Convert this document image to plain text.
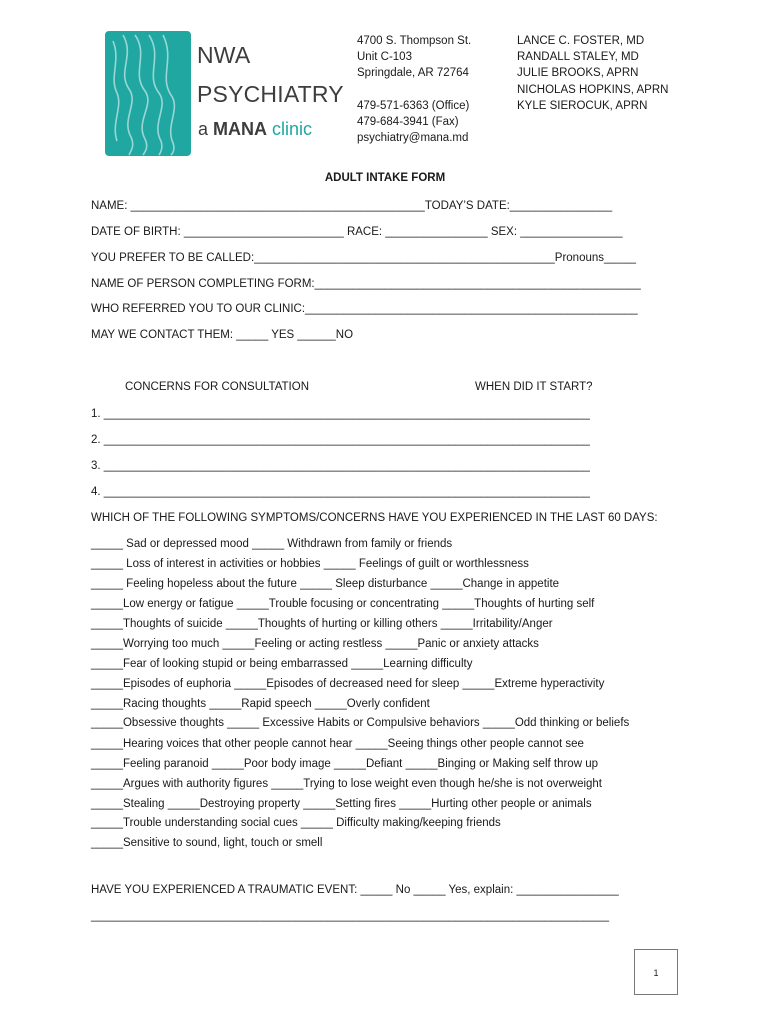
NWA
PSYCHIATRY
a MANA clinic
4700 S. Thompson St.
Unit C-103
Springdale, AR 72764
479-571-6363 (Office)
479-684-3941 (Fax)
psychiatry@mana.md
LANCE C. FOSTER, MD
RANDALL STALEY, MD
JULIE BROOKS, APRN
NICHOLAS HOPKINS, APRN
KYLE SIEROCUK, APRN
ADULT INTAKE FORM
NAME: ______________________________________________TODAY’S DATE:________________
DATE OF BIRTH: _________________________ RACE: ________________ SEX: ________________
YOU PREFER TO BE CALLED:_______________________________________________Pronouns_____
NAME OF PERSON COMPLETING FORM:___________________________________________________
WHO REFERRED YOU TO OUR CLINIC:____________________________________________________
MAY WE CONTACT THEM: _____ YES ______NO
CONCERNS FOR CONSULTATION	WHEN DID IT START?
1. ____________________________________________________________________________
2. ____________________________________________________________________________
3. ____________________________________________________________________________
4. ____________________________________________________________________________
WHICH OF THE FOLLOWING SYMPTOMS/CONCERNS HAVE YOU EXPERIENCED IN THE LAST 60 DAYS:
_____ Sad or depressed mood _____ Withdrawn from family or friends
_____ Loss of interest in activities or hobbies _____ Feelings of guilt or worthlessness
_____ Feeling hopeless about the future _____ Sleep disturbance _____Change in appetite
_____Low energy or fatigue _____Trouble focusing or concentrating _____Thoughts of hurting self
_____Thoughts of suicide _____Thoughts of hurting or killing others _____Irritability/Anger
_____Worrying too much _____Feeling or acting restless _____Panic or anxiety attacks
_____Fear of looking stupid or being embarrassed _____Learning difficulty
_____Episodes of euphoria _____Episodes of decreased need for sleep _____Extreme hyperactivity
_____Racing thoughts _____Rapid speech _____Overly confident
_____Obsessive thoughts _____ Excessive Habits or Compulsive behaviors _____Odd thinking or beliefs
_____Hearing voices that other people cannot hear _____Seeing things other people cannot see
_____Feeling paranoid _____Poor body image _____Defiant _____Binging or Making self throw up
_____Argues with authority figures _____Trying to lose weight even though he/she is not overweight
_____Stealing _____Destroying property _____Setting fires _____Hurting other people or animals
_____Trouble understanding social cues _____ Difficulty making/keeping friends
_____Sensitive to sound, light, touch or smell
HAVE YOU EXPERIENCED A TRAUMATIC EVENT: _____ No _____ Yes, explain: ________________
_________________________________________________________________________________
1
